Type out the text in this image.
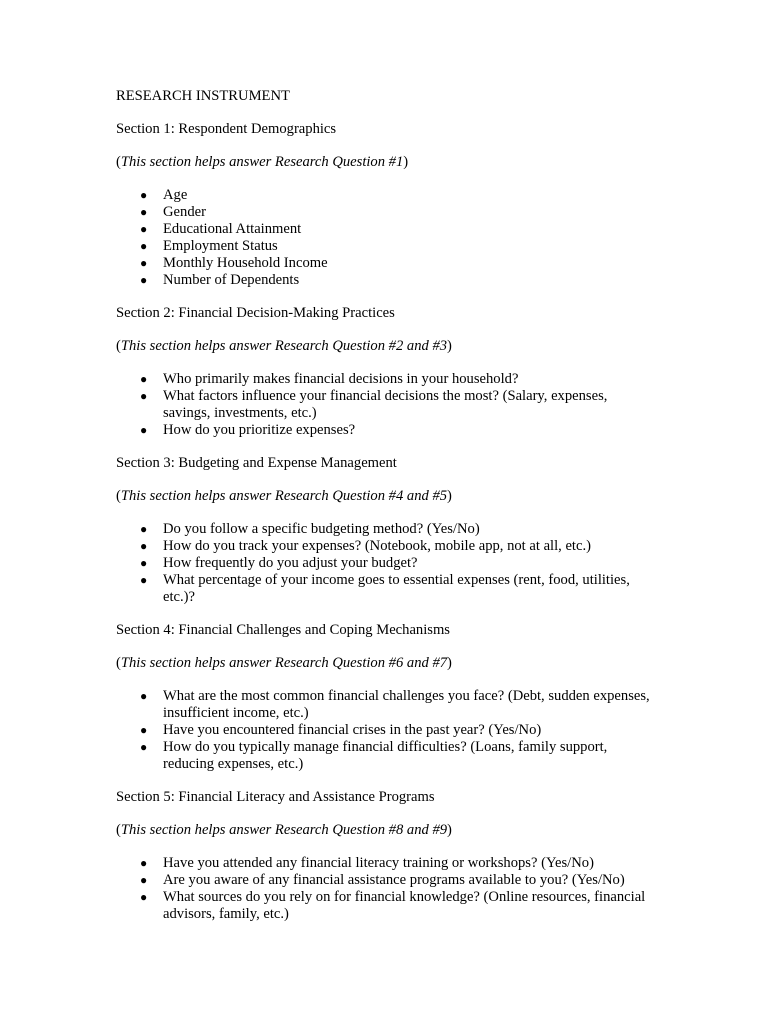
RESEARCH INSTRUMENT

Section 1: Respondent Demographics

(This section helps answer Research Question #1)

● Age
● Gender
● Educational Attainment
● Employment Status
● Monthly Household Income
● Number of Dependents

Section 2: Financial Decision-Making Practices

(This section helps answer Research Question #2 and #3)

● Who primarily makes financial decisions in your household?
● What factors influence your financial decisions the most? (Salary, expenses, savings, investments, etc.)
● How do you prioritize expenses?

Section 3: Budgeting and Expense Management

(This section helps answer Research Question #4 and #5)

● Do you follow a specific budgeting method? (Yes/No)
● How do you track your expenses? (Notebook, mobile app, not at all, etc.)
● How frequently do you adjust your budget?
● What percentage of your income goes to essential expenses (rent, food, utilities, etc.)?

Section 4: Financial Challenges and Coping Mechanisms

(This section helps answer Research Question #6 and #7)

● What are the most common financial challenges you face? (Debt, sudden expenses, insufficient income, etc.)
● Have you encountered financial crises in the past year? (Yes/No)
● How do you typically manage financial difficulties? (Loans, family support, reducing expenses, etc.)

Section 5: Financial Literacy and Assistance Programs

(This section helps answer Research Question #8 and #9)

● Have you attended any financial literacy training or workshops? (Yes/No)
● Are you aware of any financial assistance programs available to you? (Yes/No)
● What sources do you rely on for financial knowledge? (Online resources, financial advisors, family, etc.)
